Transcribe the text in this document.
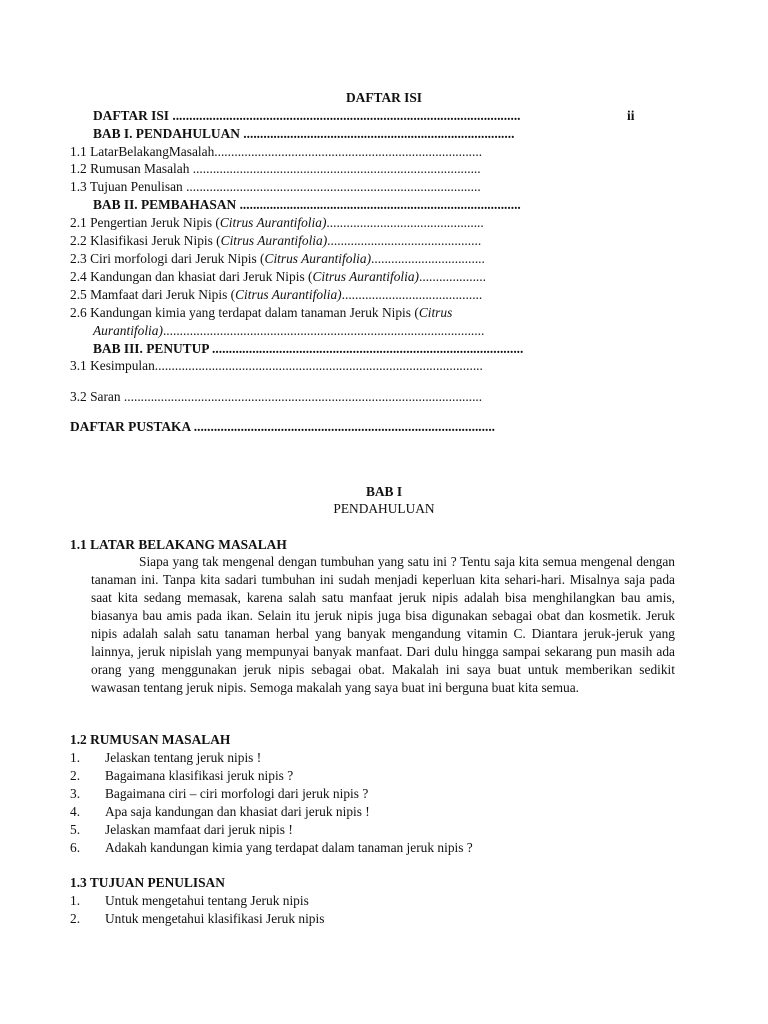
DAFTAR ISI
DAFTAR ISI ........................................................................................................	ii
BAB I. PENDAHULUAN .................................................................................
1.1 LatarBelakangMasalah................................................................................
1.2 Rumusan Masalah ......................................................................................
1.3 Tujuan Penulisan ........................................................................................
BAB II. PEMBAHASAN ....................................................................................
2.1 Pengertian Jeruk Nipis (Citrus Aurantifolia)...............................................
2.2 Klasifikasi Jeruk Nipis (Citrus Aurantifolia)..............................................
2.3 Ciri morfologi dari Jeruk Nipis (Citrus Aurantifolia)..................................
2.4 Kandungan dan khasiat dari Jeruk Nipis (Citrus Aurantifolia)....................
2.5 Mamfaat dari Jeruk Nipis (Citrus Aurantifolia)..........................................
2.6 Kandungan kimia yang terdapat dalam tanaman Jeruk Nipis (Citrus
Aurantifolia)................................................................................................
BAB III. PENUTUP .............................................................................................
3.1 Kesimpulan..................................................................................................
3.2 Saran ...........................................................................................................
DAFTAR PUSTAKA ..........................................................................................
BAB I
PENDAHULUAN
1.1 LATAR BELAKANG MASALAH
Siapa yang tak mengenal dengan tumbuhan yang satu ini ? Tentu saja kita semua mengenal dengan tanaman ini. Tanpa kita sadari tumbuhan ini sudah menjadi keperluan kita sehari-hari. Misalnya saja pada saat kita sedang memasak, karena salah satu manfaat jeruk nipis adalah bisa menghilangkan bau amis, biasanya bau amis pada ikan. Selain itu jeruk nipis juga bisa digunakan sebagai obat dan kosmetik. Jeruk nipis adalah salah satu tanaman herbal yang banyak mengandung vitamin C. Diantara jeruk-jeruk yang lainnya, jeruk nipislah yang mempunyai banyak manfaat. Dari dulu hingga sampai sekarang pun masih ada orang yang menggunakan jeruk nipis sebagai obat. Makalah ini saya buat untuk memberikan sedikit wawasan tentang jeruk nipis. Semoga makalah yang saya buat ini berguna buat kita semua.
1.2 RUMUSAN MASALAH
1. Jelaskan tentang jeruk nipis !
2. Bagaimana klasifikasi jeruk nipis ?
3. Bagaimana ciri – ciri morfologi dari jeruk nipis ?
4. Apa saja kandungan dan khasiat dari jeruk nipis !
5. Jelaskan mamfaat dari jeruk nipis !
6. Adakah kandungan kimia yang terdapat dalam tanaman jeruk nipis ?
1.3 TUJUAN PENULISAN
1. Untuk mengetahui tentang Jeruk nipis
2. Untuk mengetahui klasifikasi Jeruk nipis
